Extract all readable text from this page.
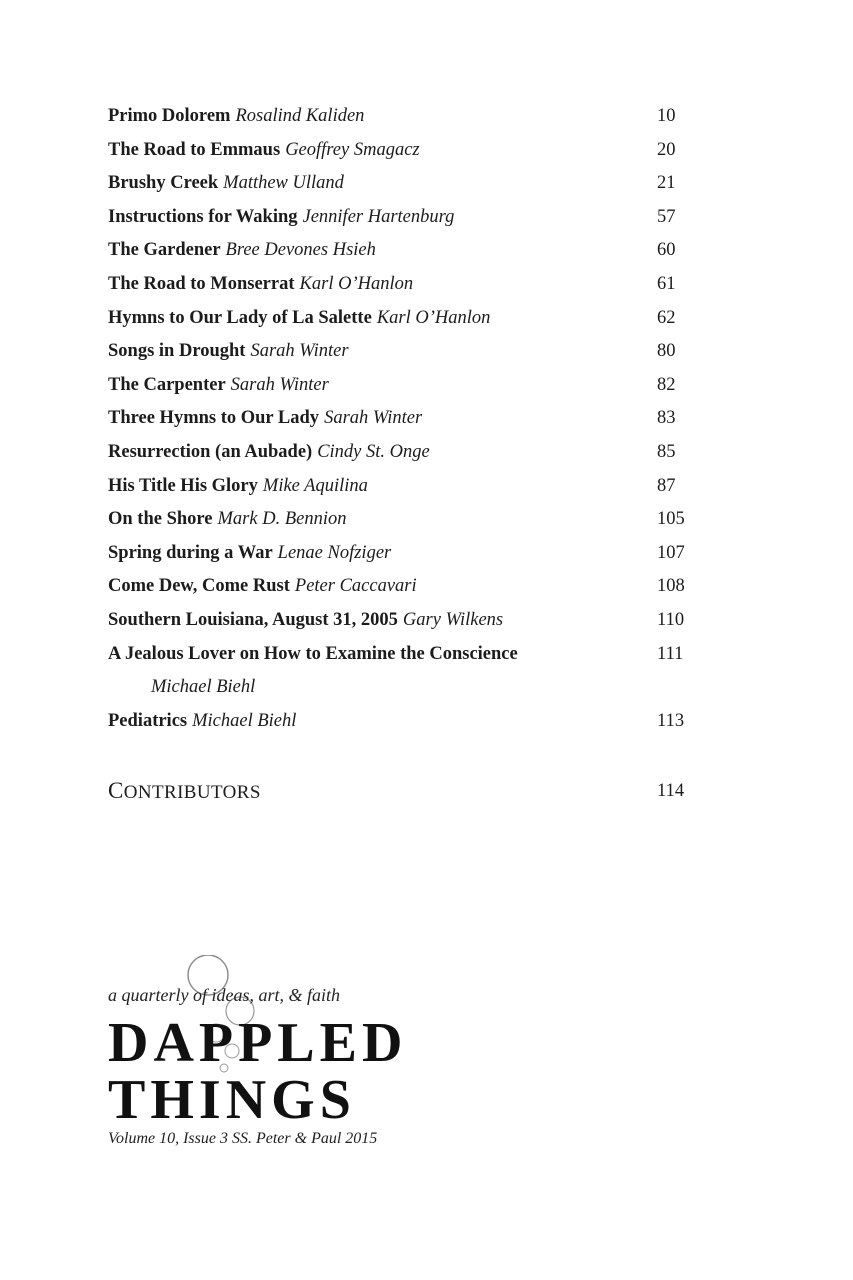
Primo Dolorem Rosalind Kaliden	10
The Road to Emmaus Geoffrey Smagacz	20
Brushy Creek Matthew Ulland	21
Instructions for Waking Jennifer Hartenburg	57
The Gardener Bree Devones Hsieh	60
The Road to Monserrat Karl O’Hanlon	61
Hymns to Our Lady of La Salette Karl O’Hanlon	62
Songs in Drought Sarah Winter	80
The Carpenter Sarah Winter	82
Three Hymns to Our Lady Sarah Winter	83
Resurrection (an Aubade) Cindy St. Onge	85
His Title His Glory Mike Aquilina	87
On the Shore Mark D. Bennion	105
Spring during a War Lenae Nofziger	107
Come Dew, Come Rust Peter Caccavari	108
Southern Louisiana, August 31, 2005 Gary Wilkens	110
A Jealous Lover on How to Examine the Conscience	111
Michael Biehl
Pediatrics Michael Biehl	113
CONTRIBUTORS	114
a quarterly of ideas, art, & faith
DAPPLED
THINGS
Volume 10, Issue 3 SS. Peter & Paul 2015
